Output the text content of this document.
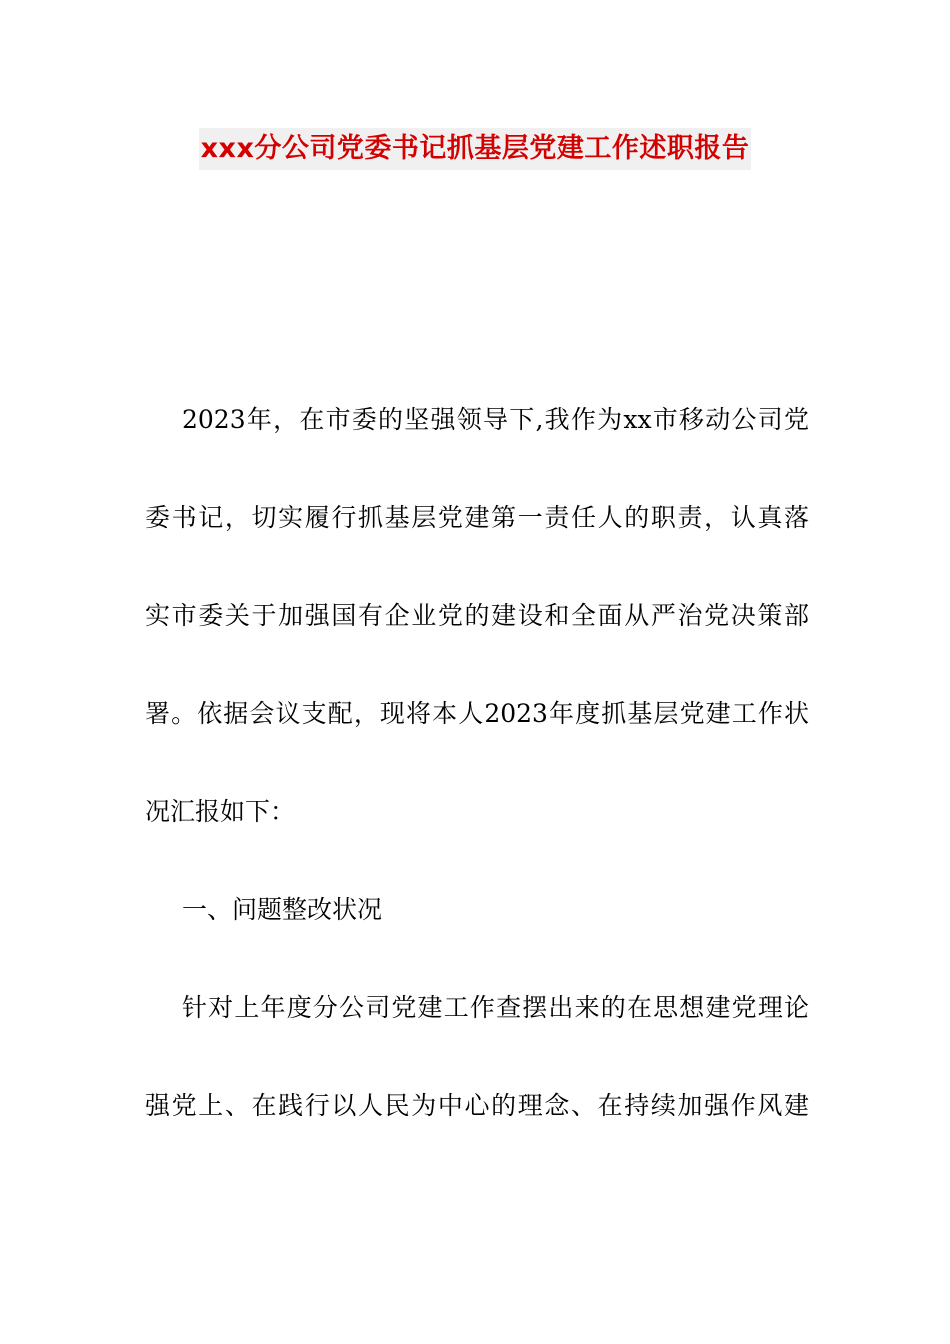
xxx分公司党委书记抓基层党建工作述职报告
2023年，在市委的坚强领导下,我作为xx市移动公司党
委书记，切实履行抓基层党建第一责任人的职责，认真落
实市委关于加强国有企业党的建设和全面从严治党决策部
署。依据会议支配，现将本人2023年度抓基层党建工作状
况汇报如下：
一、问题整改状况
针对上年度分公司党建工作查摆出来的在思想建党理论
强党上、在践行以人民为中心的理念、在持续加强作风建
